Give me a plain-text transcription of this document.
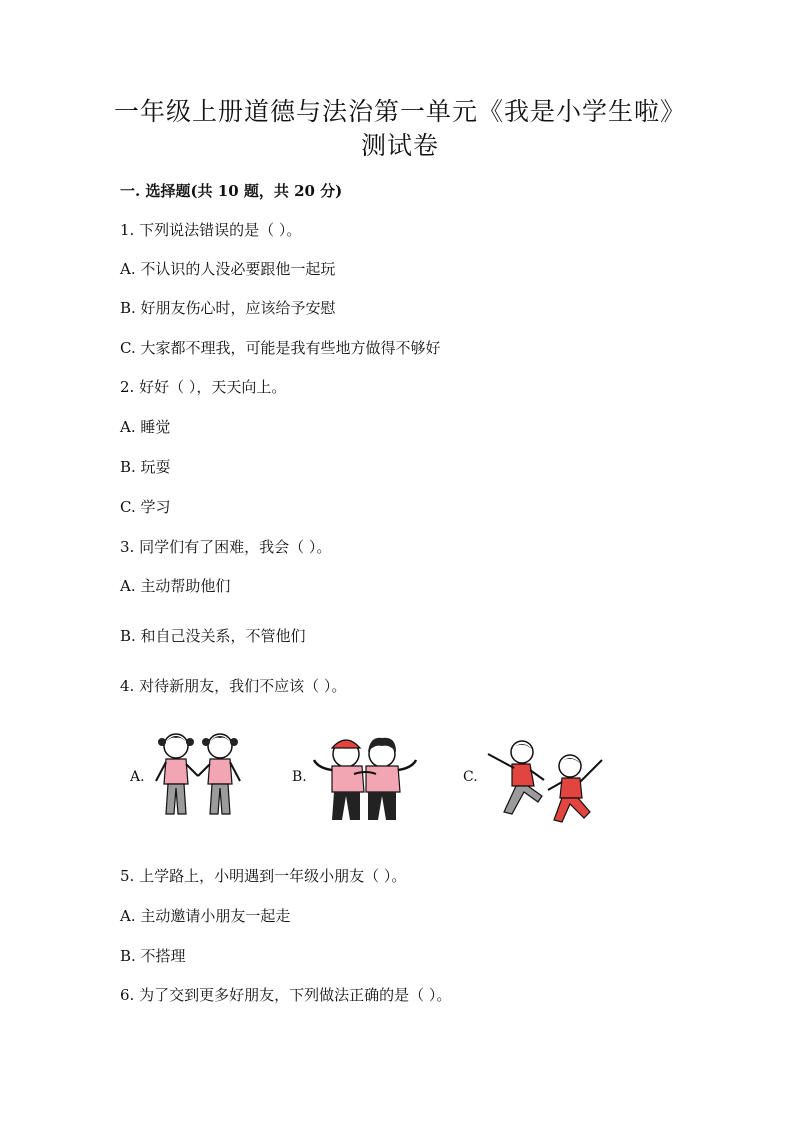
一年级上册道德与法治第一单元《我是小学生啦》
测试卷
一. 选择题(共 10 题，共 20 分)
1. 下列说法错误的是（ ）。
A. 不认识的人没必要跟他一起玩
B. 好朋友伤心时，应该给予安慰
C. 大家都不理我，可能是我有些地方做得不够好
2. 好好（ ），天天向上。
A. 睡觉
B. 玩耍
C. 学习
3. 同学们有了困难，我会（ ）。
A. 主动帮助他们
B. 和自己没关系，不管他们
4. 对待新朋友，我们不应该（ ）。
A.	B.	C.
5. 上学路上，小明遇到一年级小朋友（ ）。
A. 主动邀请小朋友一起走
B. 不搭理
6. 为了交到更多好朋友，下列做法正确的是（ ）。
